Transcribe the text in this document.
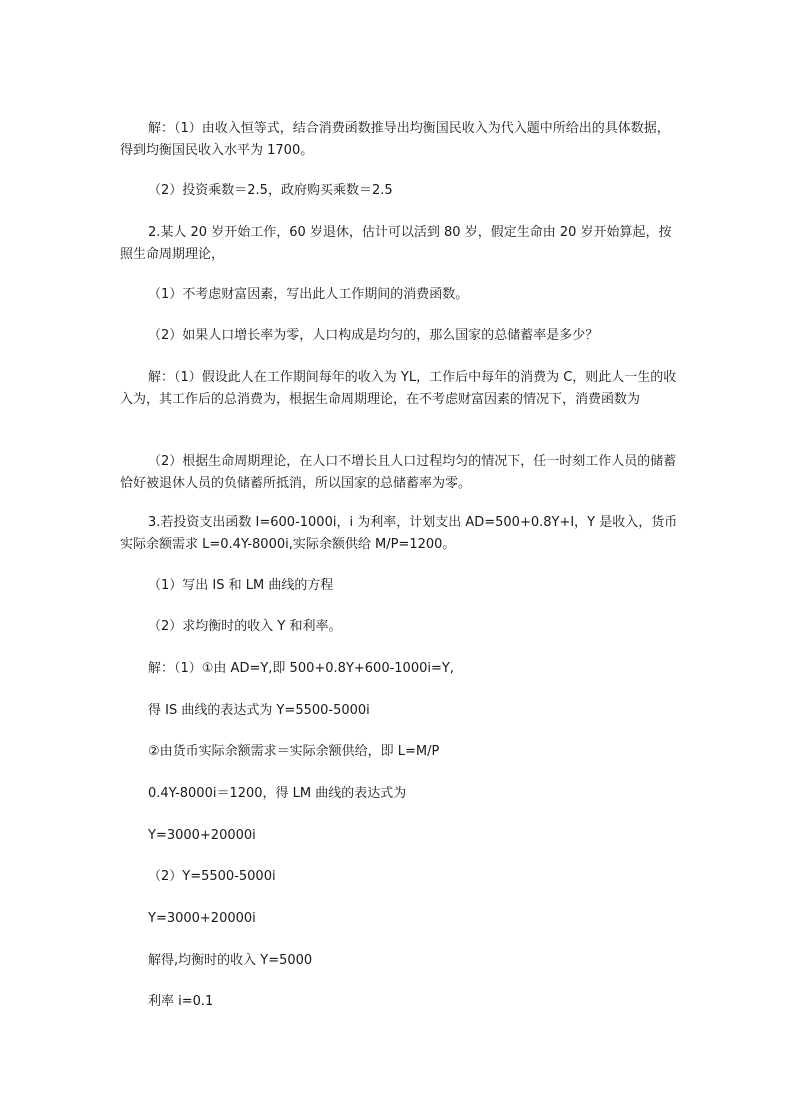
解：（1）由收入恒等式，结合消费函数推导出均衡国民收入为代入题中所给出的具体数据，得到均衡国民收入水平为 1700。

（2）投资乘数＝2.5，政府购买乘数＝2.5

2.某人 20 岁开始工作，60 岁退休，估计可以活到 80 岁，假定生命由 20 岁开始算起，按照生命周期理论，

（1）不考虑财富因素，写出此人工作期间的消费函数。

（2）如果人口增长率为零，人口构成是均匀的，那么国家的总储蓄率是多少？

解：（1）假设此人在工作期间每年的收入为 YL，工作后中每年的消费为 C，则此人一生的收入为，其工作后的总消费为，根据生命周期理论，在不考虑财富因素的情况下，消费函数为

（2）根据生命周期理论，在人口不增长且人口过程均匀的情况下，任一时刻工作人员的储蓄恰好被退休人员的负储蓄所抵消，所以国家的总储蓄率为零。

3.若投资支出函数 I=600-1000i，i 为利率，计划支出 AD=500+0.8Y+I，Y 是收入，货币实际余额需求 L=0.4Y-8000i,实际余额供给 M/P=1200。

（1）写出 IS 和 LM 曲线的方程

（2）求均衡时的收入 Y 和利率。

解：（1）①由 AD=Y,即 500+0.8Y+600-1000i=Y,

得 IS 曲线的表达式为 Y=5500-5000i

②由货币实际余额需求＝实际余额供给，即 L=M/P

0.4Y-8000i＝1200，得 LM 曲线的表达式为

Y=3000+20000i

（2）Y=5500-5000i

Y=3000+20000i

解得,均衡时的收入 Y=5000

利率 i=0.1
